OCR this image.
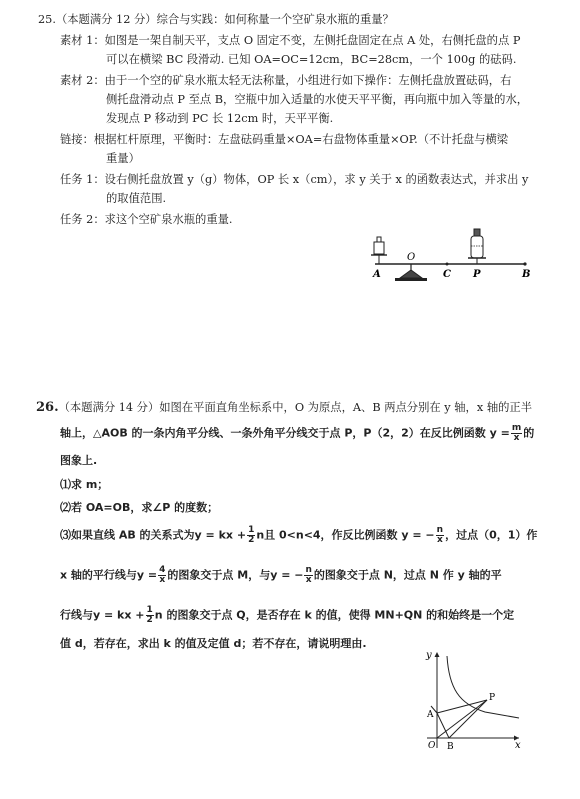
25.（本题满分 12 分）综合与实践：如何称量一个空矿泉水瓶的重量？
素材 1：如图是一架自制天平，支点 O 固定不变，左侧托盘固定在点 A 处，右侧托盘的点 P
可以在横梁 BC 段滑动. 已知 OA=OC=12cm，BC=28cm，一个 100g 的砝码.
素材 2：由于一个空的矿泉水瓶太轻无法称量，小组进行如下操作：左侧托盘放置砝码，右
侧托盘滑动点 P 至点 B，空瓶中加入适量的水使天平平衡，再向瓶中加入等量的水，
发现点 P 移动到 PC 长 12cm 时，天平平衡.
链接：根据杠杆原理，平衡时：左盘砝码重量×OA=右盘物体重量×OP.（不计托盘与横梁
重量）
任务 1：设右侧托盘放置 y（g）物体，OP 长 x（cm），求 y 关于 x 的函数表达式，并求出 y
的取值范围.
任务 2：求这个空矿泉水瓶的重量.
A
O
C P	B
26.（本题满分 14 分）如图在平面直角坐标系中，O 为原点，A、B 两点分别在 y 轴，x 轴的正半
轴上，△AOB 的一条内角平分线、一条外角平分线交于点 P，P（2，2）在反比例函数 $y = \frac{m}{x}$ 的
图象上.
⑴求 m；
⑵若 OA=OB，求∠P 的度数；
⑶如果直线 AB 的关系式为y = kx + $\frac{1}{2}$ n且 0<n<4，作反比例函数 y = − $\frac{n}{x}$ ，过点（0，1）作
x 轴的平行线与$y = \frac{4}{x}$ 的图象交于点 M，与y = − $\frac{n}{x}$ 的图象交于点 N，过点 N 作 y 轴的平
行线与y = kx + $\frac{1}{2}$ n 的图象交于点 Q，是否存在 k 的值，使得 MN+QN 的和始终是一个定
值 d，若存在，求出 k 的值及定值 d；若不存在，请说明理由.
y
x
P
A
O B
